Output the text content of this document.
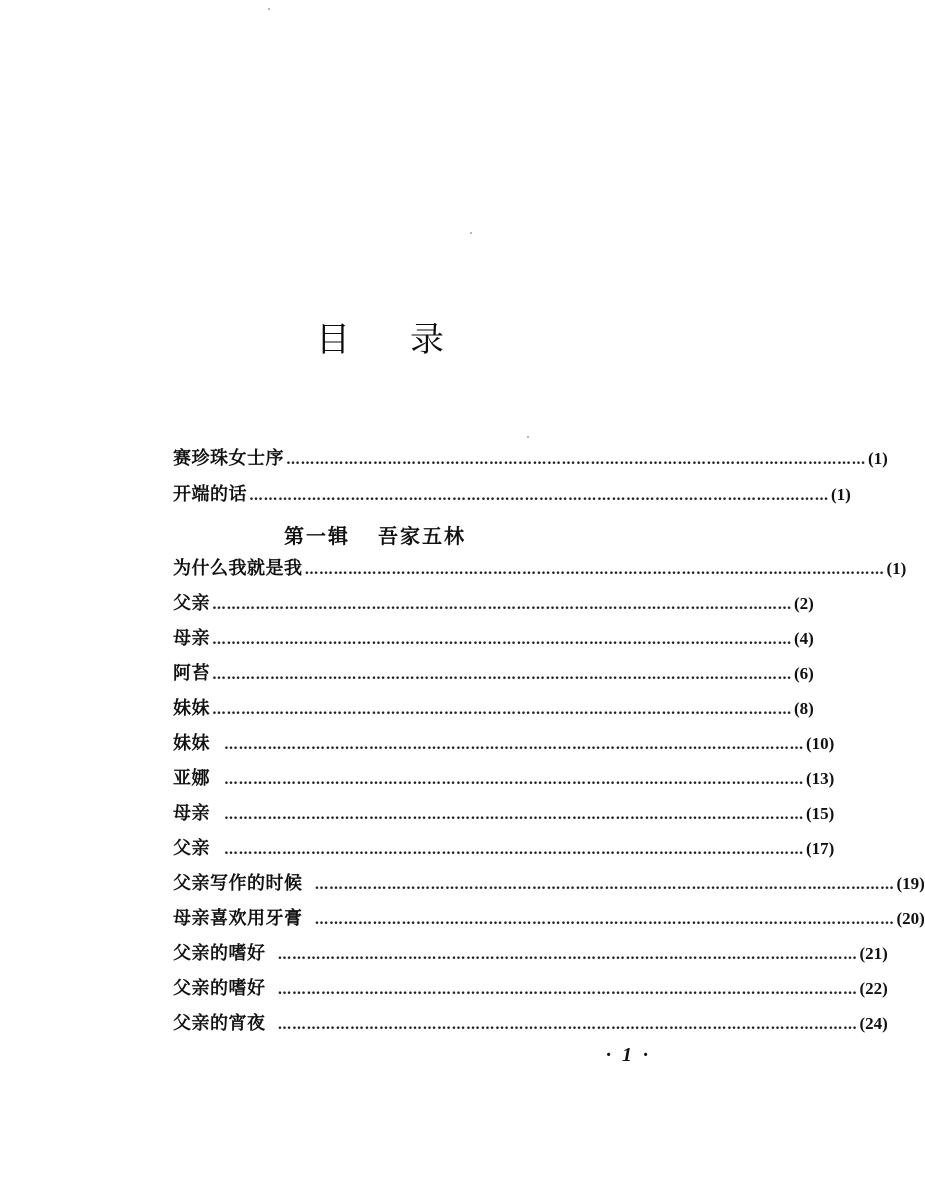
目 录
赛珍珠女士序 ………………………………………………………………………………………………………… (1)
开端的话 ………………………………………………………………………………………………………… (1)
第一辑 吾家五林
为什么我就是我 ………………………………………………………………………………………………………… (1)
父亲 ………………………………………………………………………………………………………… (2)
母亲 ………………………………………………………………………………………………………… (4)
阿苔 ………………………………………………………………………………………………………… (6)
妹妹 ………………………………………………………………………………………………………… (8)
妹妹 ………………………………………………………………………………………………………… (10)
亚娜 ………………………………………………………………………………………………………… (13)
母亲 ………………………………………………………………………………………………………… (15)
父亲 ………………………………………………………………………………………………………… (17)
父亲写作的时候 ………………………………………………………………………………………………………… (19)
母亲喜欢用牙膏 ………………………………………………………………………………………………………… (20)
父亲的嗜好 ………………………………………………………………………………………………………… (21)
父亲的嗜好 ………………………………………………………………………………………………………… (22)
父亲的宵夜 ………………………………………………………………………………………………………… (24)
· 1 ·
